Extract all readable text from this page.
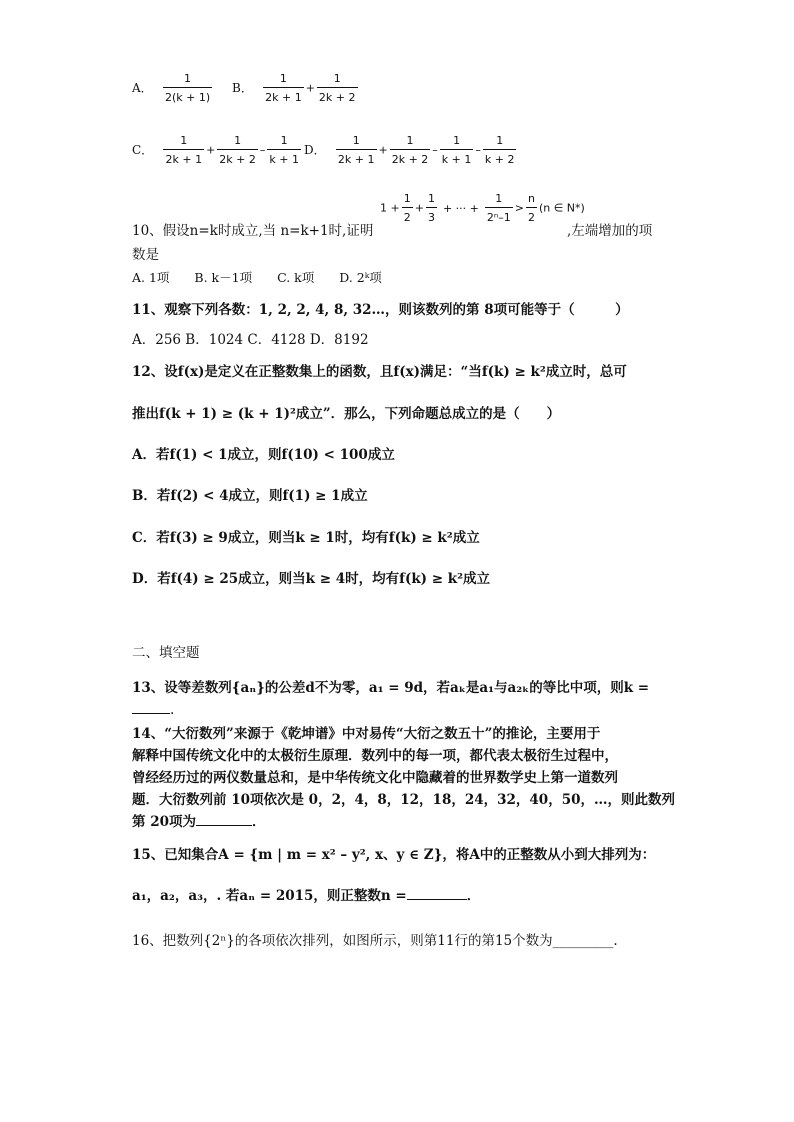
A． $\frac{1}{2(k + 1)}$ B． $\frac{1}{2k + 1} + \frac{1}{2k + 2}$
C． $\frac{1}{2k + 1} + \frac{1}{2k + 2} - \frac{1}{k + 1}$ D． $\frac{1}{2k + 1} + \frac{1}{2k + 2} - \frac{1}{k + 1} - \frac{1}{k + 2}$
$1 + \frac{1}{2} + \frac{1}{3}$ + ··· + $\frac{1}{\text{2ⁿ–1}} > \frac{n}{2} (n$ ∈ N*)
10、假设n=k时成立,当 n=k+1时,证明	,左端增加的项
数是
A. 1项　　B. k－1项　　C. k项　　D. 2ᵏ项
11、观察下列各数：1, 2, 2, 4, 8, 32…，则该数列的第 8项可能等于（　　　）
A．256 B．1024 C．4128 D．8192
12、设f(x)是定义在正整数集上的函数，且f(x)满足：“当f(k) ≥ k²成立时，总可
推出f(k + 1) ≥ (k + 1)²成立”．那么，下列命题总成立的是（　　）
A．若f(1) < 1成立，则f(10) < 100成立
B．若f(2) < 4成立，则f(1) ≥ 1成立
C．若f(3) ≥ 9成立，则当k ≥ 1时，均有f(k) ≥ k²成立
D．若f(4) ≥ 25成立，则当k ≥ 4时，均有f(k) ≥ k²成立
二、填空题
13、设等差数列{aₙ}的公差d不为零，a₁ = 9d，若aₖ是a₁与a₂ₖ的等比中项，则k =
.
14、“大衍数列”来源于《乾坤谱》中对易传“大衍之数五十”的推论，主要用于
解释中国传统文化中的太极衍生原理．数列中的每一项，都代表太极衍生过程中，
曾经经历过的两仪数量总和，是中华传统文化中隐藏着的世界数学史上第一道数列
题．大衍数列前 10项依次是 0，2，4，8，12，18，24，32，40，50，…，则此数列
第 20项为	．
15、已知集合A = {m | m = x² – y², x、y ∈ Z}，将A中的正整数从小到大排列为：
a₁，a₂，a₃，. 若aₙ = 2015，则正整数n =	．
16、把数列{2ⁿ}的各项依次排列，如图所示，则第11行的第15个数为_________.
